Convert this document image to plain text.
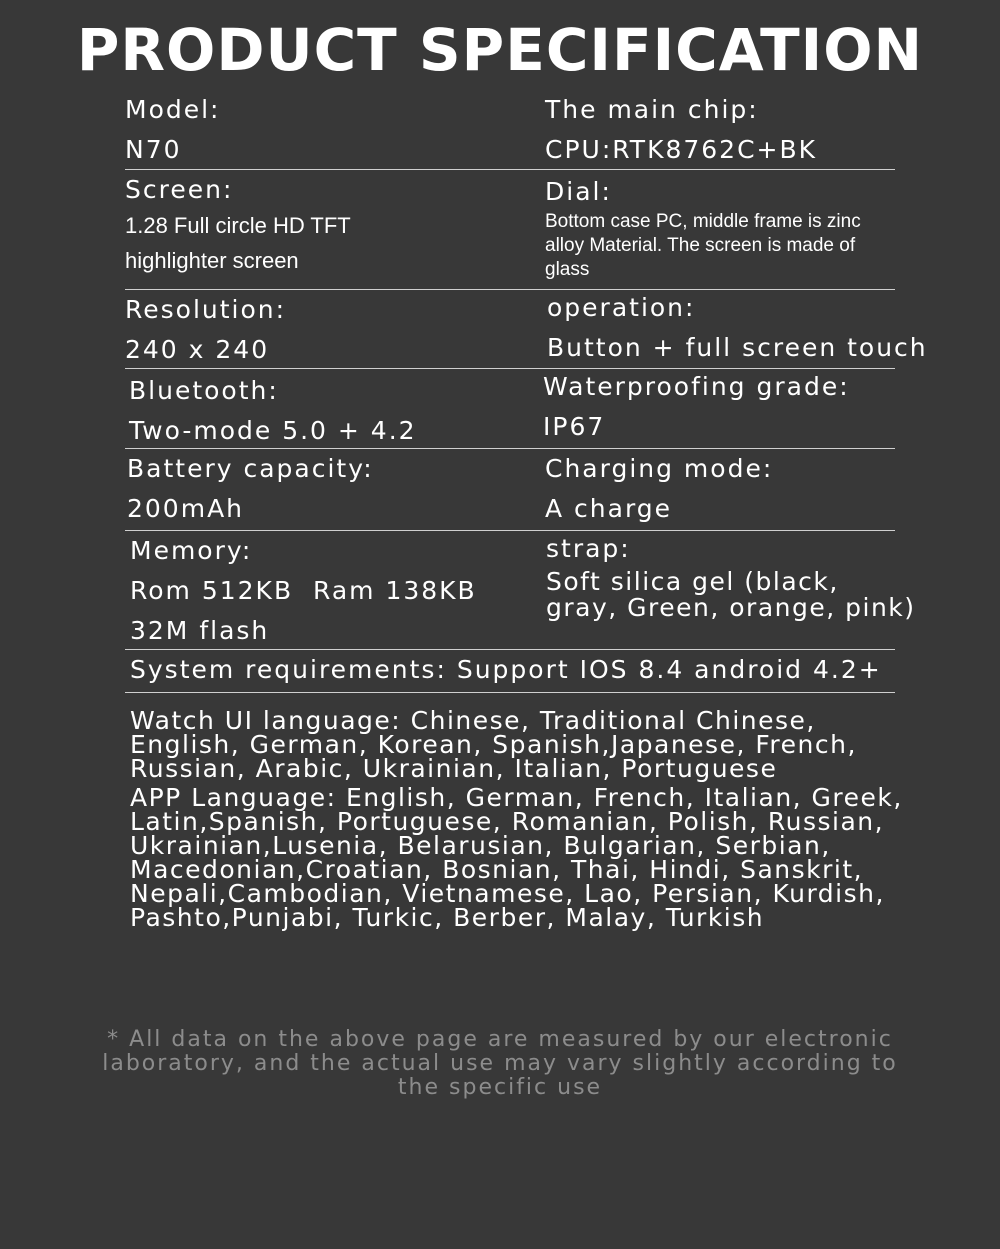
PRODUCT SPECIFICATION
Model:
N70
The main chip:
CPU:RTK8762C+BK
Screen:
1.28 Full circle HD TFT
highlighter screen
Dial:
Bottom case PC, middle frame is zinc alloy Material. The screen is made of glass
Resolution:
240 x 240
operation:
Button + full screen touch
Bluetooth:
Two-mode 5.0 + 4.2
Waterproofing grade:
IP67
Battery capacity:
200mAh
Charging mode:
A charge
Memory:
Rom 512KB  Ram 138KB
32M flash
strap:
Soft silica gel (black, gray, Green, orange, pink)
System requirements: Support IOS 8.4 android 4.2+
Watch UI language: Chinese, Traditional Chinese, English, German, Korean, Spanish,Japanese, French, Russian, Arabic, Ukrainian, Italian, Portuguese
APP Language: English, German, French, Italian, Greek, Latin,Spanish, Portuguese, Romanian, Polish, Russian, Ukrainian,Lusenia, Belarusian, Bulgarian, Serbian, Macedonian,Croatian, Bosnian, Thai, Hindi, Sanskrit, Nepali,Cambodian, Vietnamese, Lao, Persian, Kurdish, Pashto,Punjabi, Turkic, Berber, Malay, Turkish
* All data on the above page are measured by our electronic laboratory, and the actual use may vary slightly according to the specific use
